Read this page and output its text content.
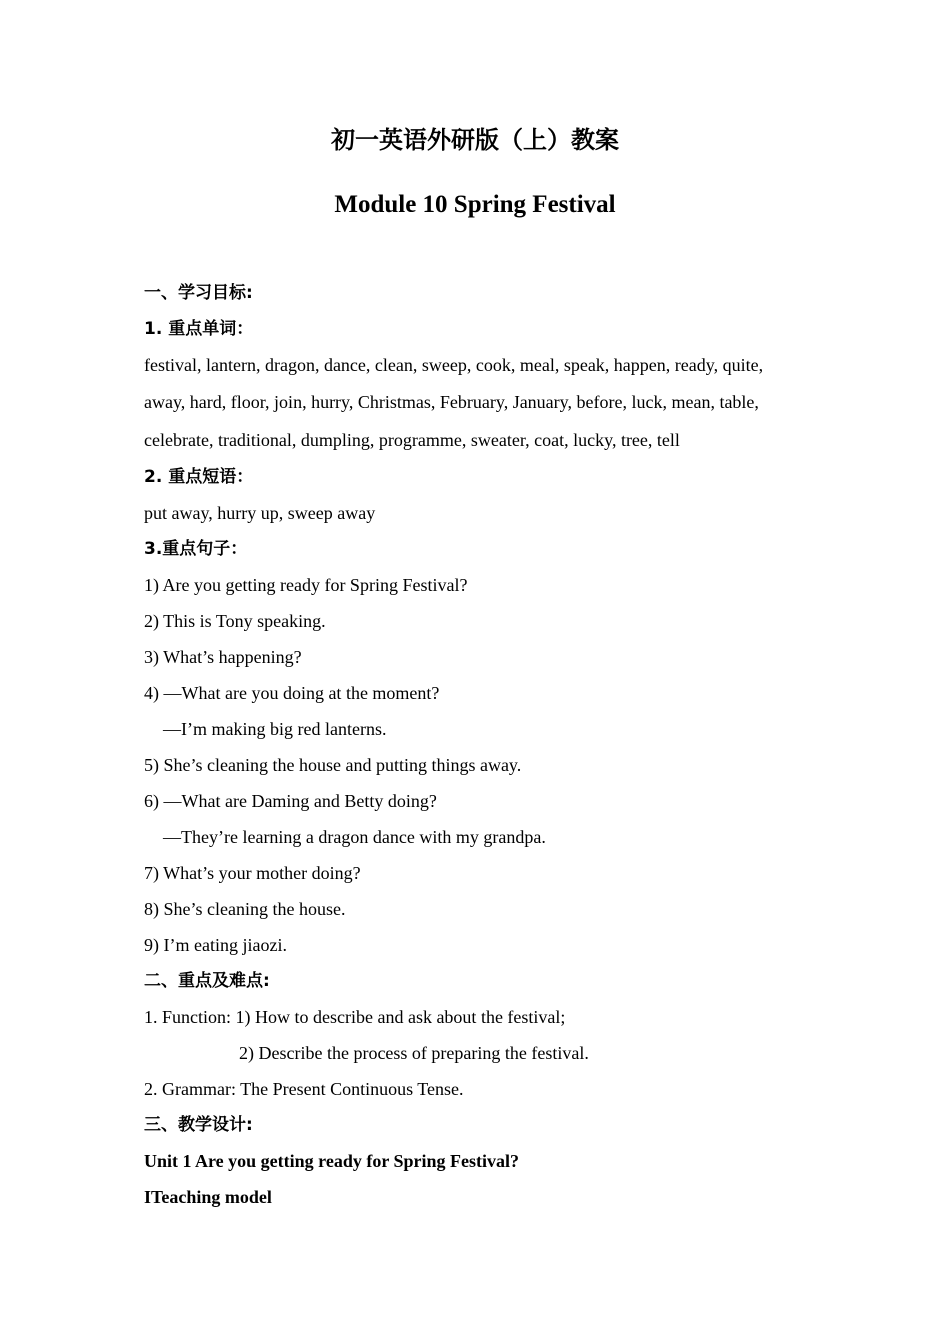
初一英语外研版（上）教案
Module 10 Spring Festival
一、学习目标:
1. 重点单词：
festival, lantern, dragon, dance, clean, sweep, cook, meal, speak, happen, ready, quite,
away, hard, floor, join, hurry, Christmas, February, January, before, luck, mean, table,
celebrate, traditional, dumpling, programme, sweater, coat, lucky, tree, tell
2. 重点短语：
put away, hurry up, sweep away
3.重点句子：
1) Are you getting ready for Spring Festival?
2) This is Tony speaking.
3) What’s happening?
4) —What are you doing at the moment?
—I’m making big red lanterns.
5) She’s cleaning the house and putting things away.
6) —What are Daming and Betty doing?
—They’re learning a dragon dance with my grandpa.
7) What’s your mother doing?
8) She’s cleaning the house.
9) I’m eating jiaozi.
二、重点及难点:
1. Function: 1) How to describe and ask about the festival;
2) Describe the process of preparing the festival.
2. Grammar: The Present Continuous Tense.
三、教学设计:
Unit 1 Are you getting ready for Spring Festival?
ITeaching model
